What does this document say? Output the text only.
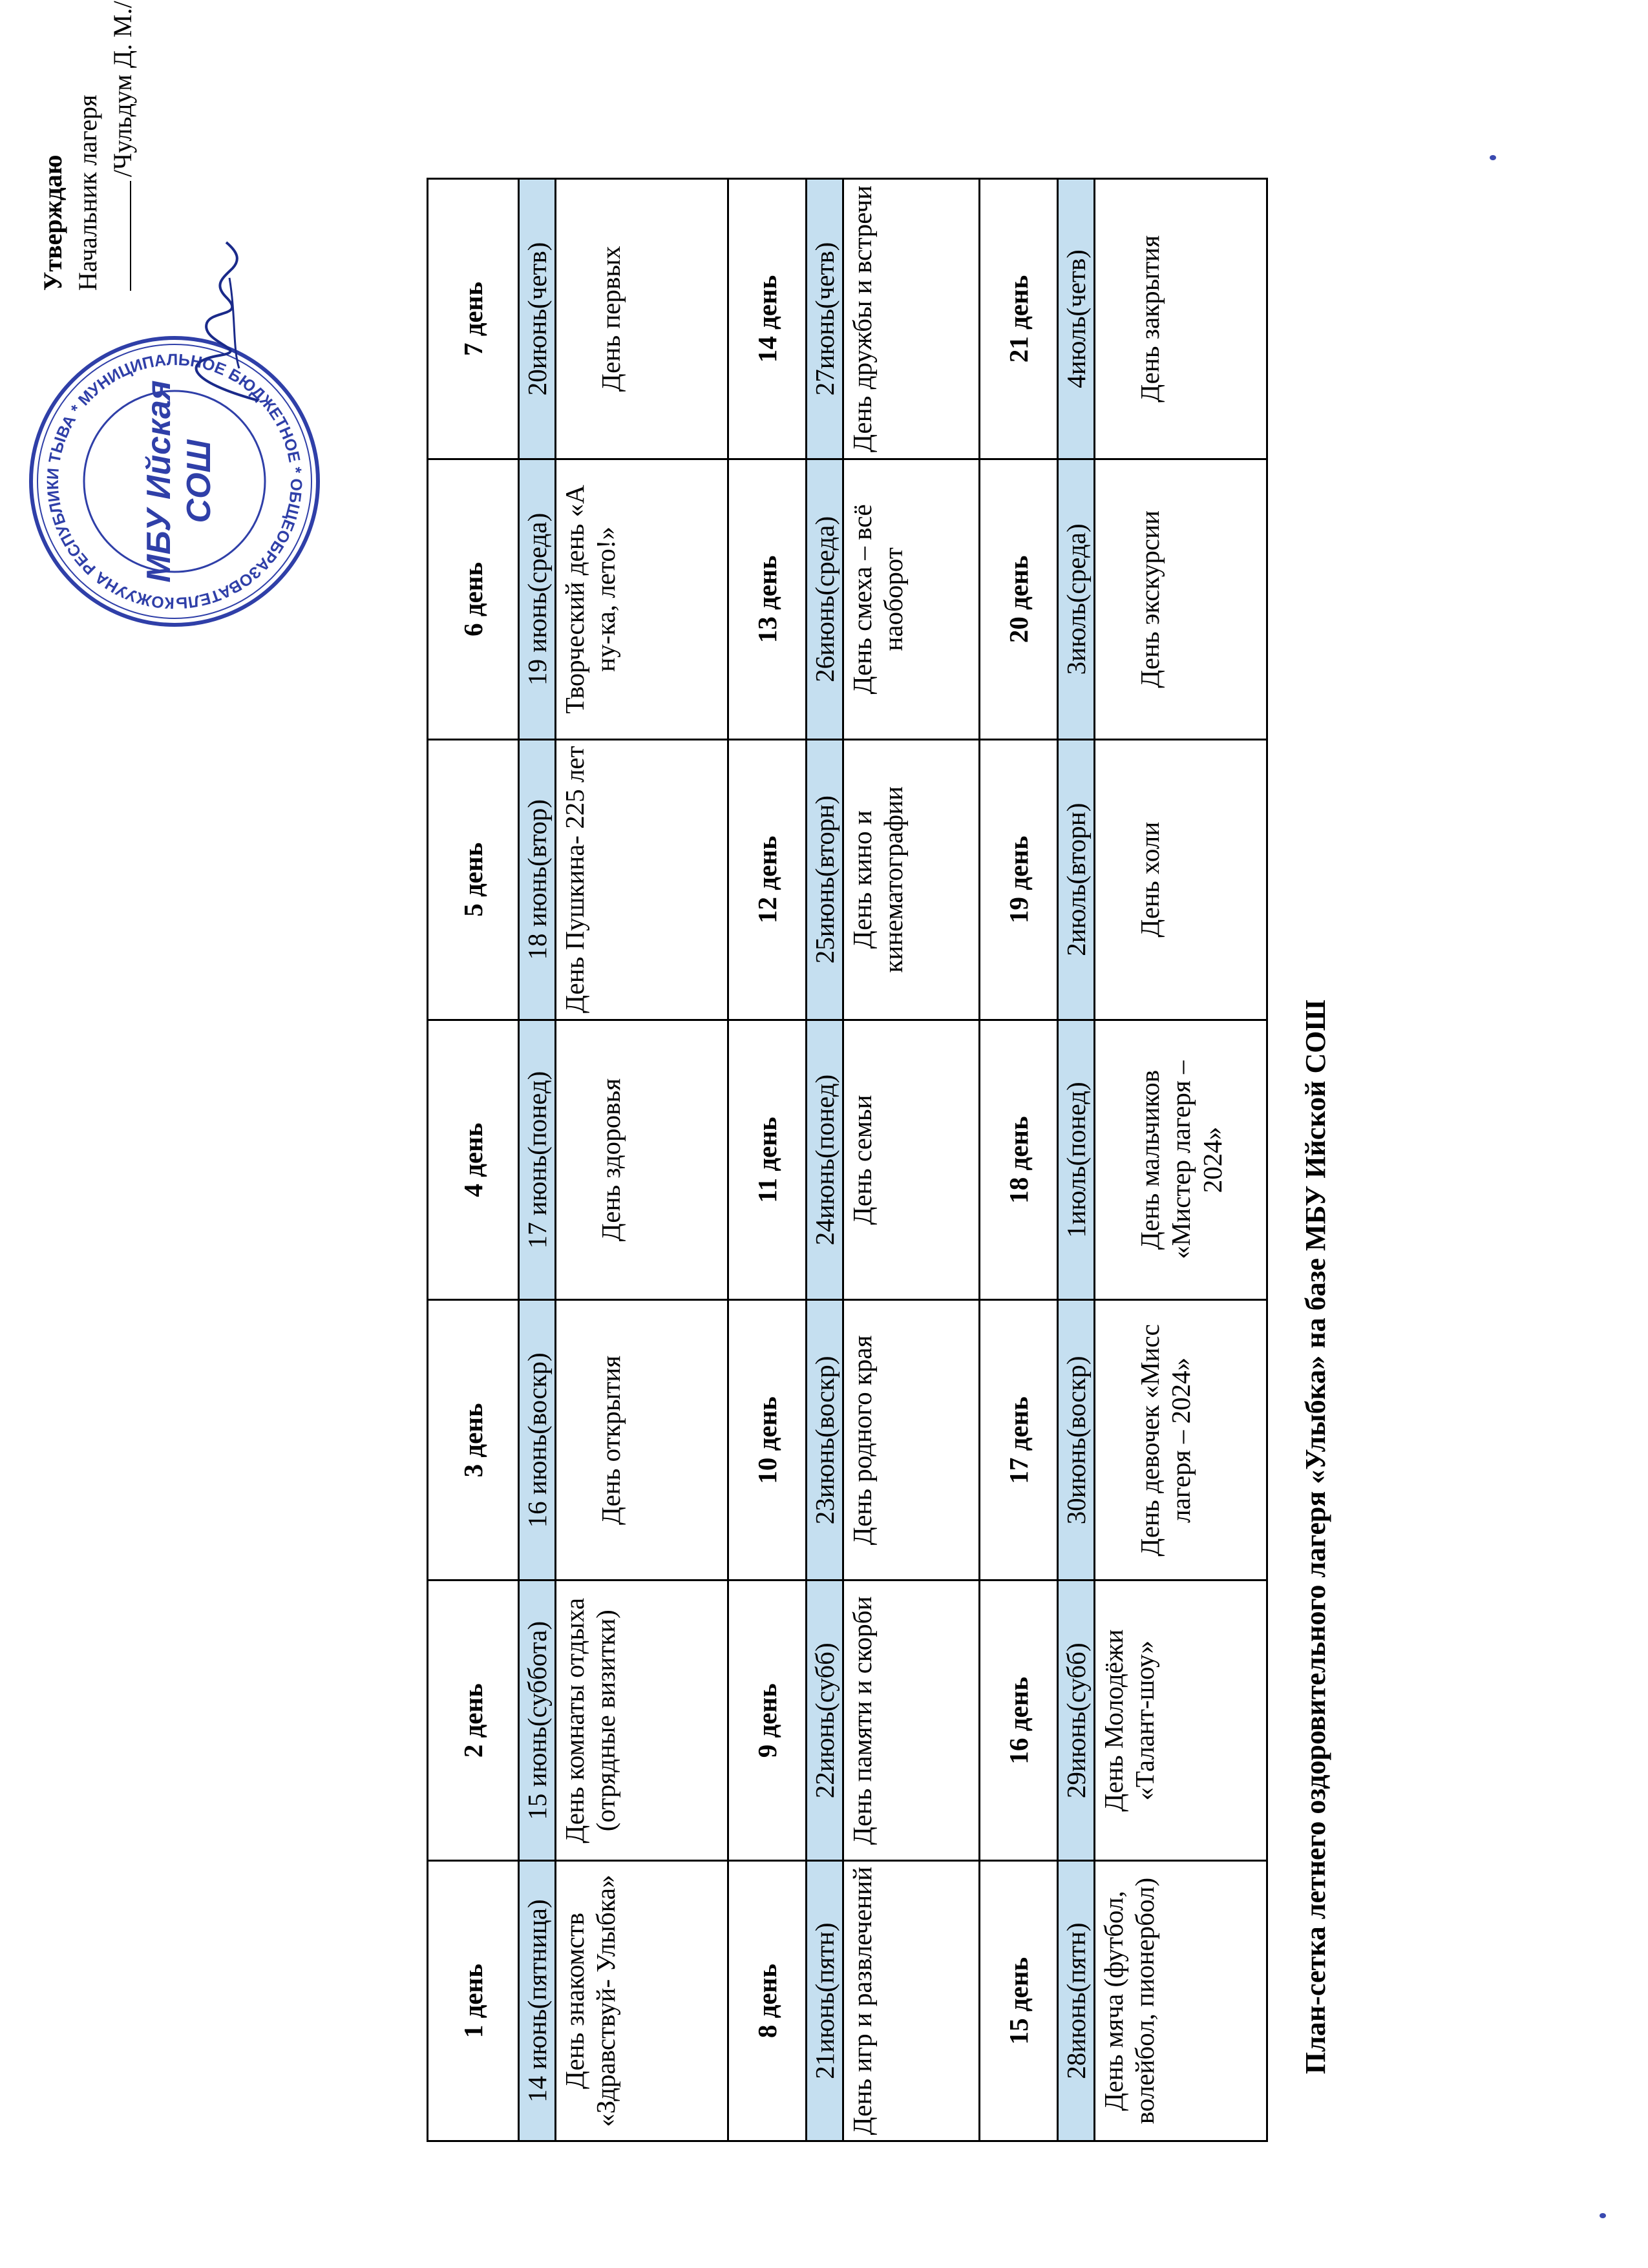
КОЖУУНА РЕСПУБЛИКИ ТЫВА * МУНИЦИПАЛЬНОЕ БЮДЖЕТНОЕ * ОБЩЕОБРАЗОВАТЕЛЬ
МБУ Ийская СОШ
Утверждаю Начальник лагеря
/Чульдум Д. М./
1 день	2 день	3 день	4 день	5 день	6 день	7 день
14 июнь(пятница)	15 июнь(суббота)	16 июнь(воскр)	17 июнь(понед)	18 июнь(втор)	19 июнь(среда)	20июнь(четв)
День знакомств «Здравствуй- Улыбка»	День комнаты отдыха (отрядные визитки)	День открытия	День здоровья	День Пушкина- 225 лет	Творческий день «А ну-ка, лето!»	День первых
8 день	9 день	10 день	11 день	12 день	13 день	14 день
21июнь(пятн)	22июнь(субб)	23июнь(воскр)	24июнь(понед)	25июнь(вторн)	26июнь(среда)	27июнь(четв)
День игр и развлечений	День памяти и скорби	День родного края	День семьи	День кино и кинематографии	День смеха – всё наоборот	День дружбы и встречи
15 день	16 день	17 день	18 день	19 день	20 день	21 день
28июнь(пятн)	29июнь(субб)	30июнь(воскр)	1июль(понед)	2июль(вторн)	3июль(среда)	4июль(четв)
День мяча (футбол, волейбол, пионербол)	День Молодёжи «Талант-шоу»	День девочек «Мисс лагеря – 2024»	День мальчиков «Мистер лагеря – 2024»	День холи	День экскурсии	День закрытия
План-сетка летнего оздоровительного лагеря «Улыбка» на базе МБУ Ийской СОШ
